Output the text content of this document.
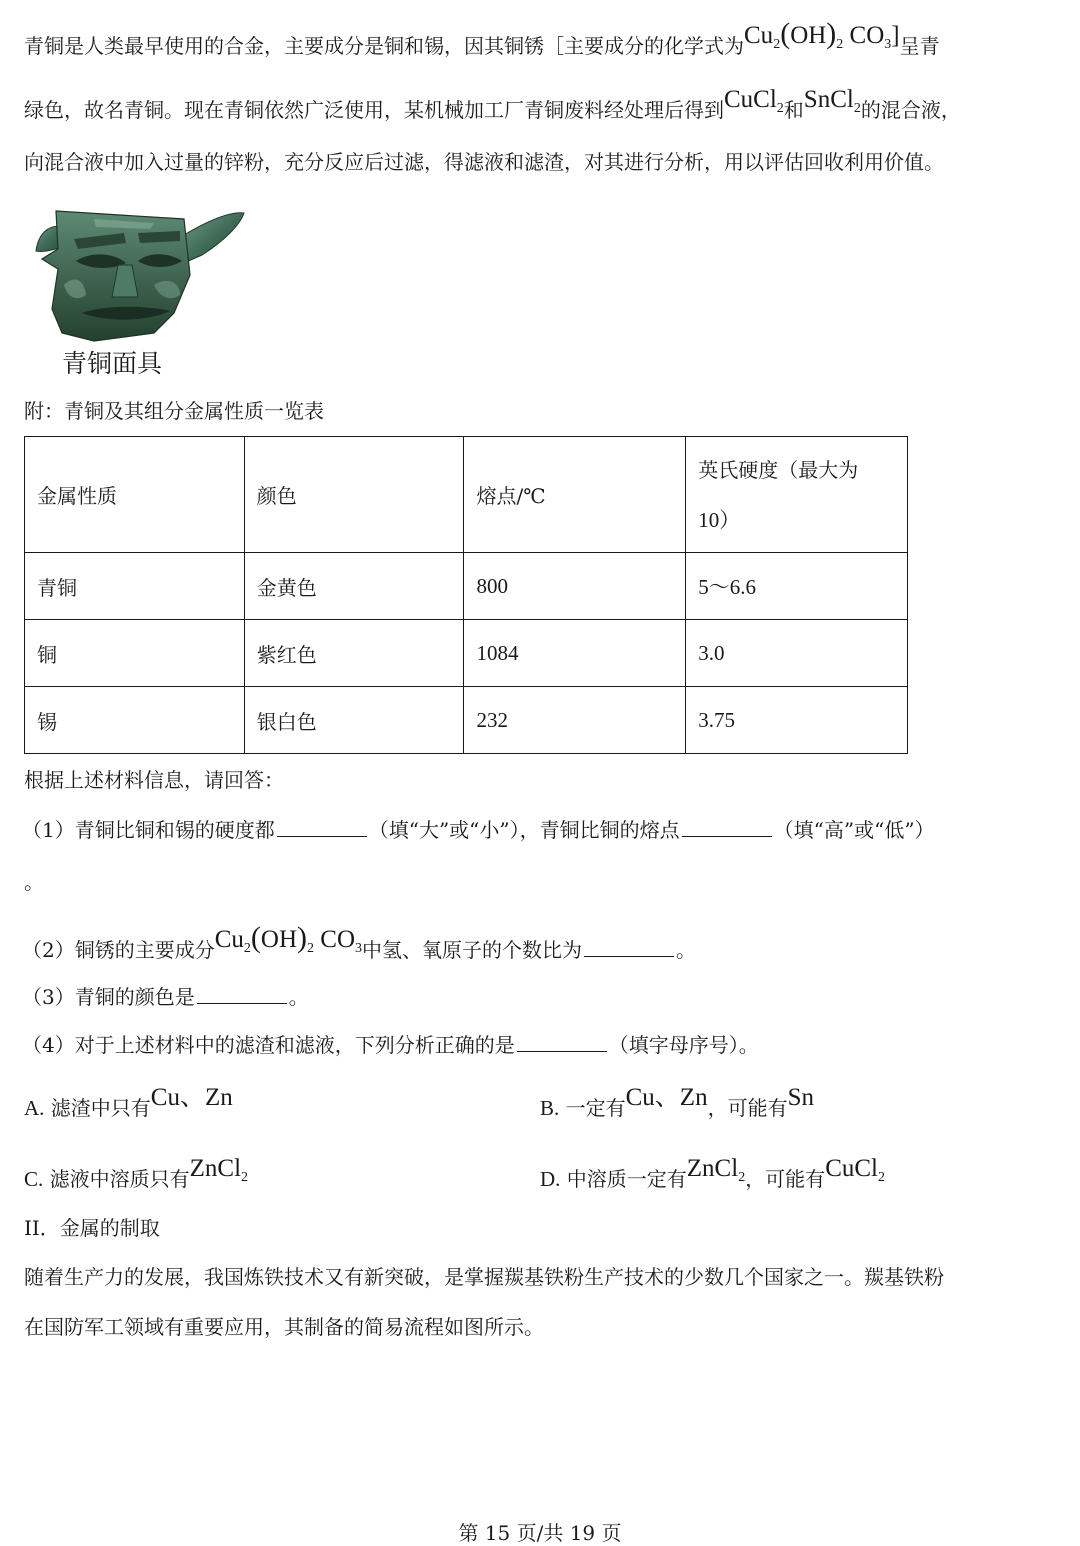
青铜是人类最早使用的合金，主要成分是铜和锡，因其铜锈［主要成分的化学式为$Cu_2(OH)_2$ $CO_3$]呈青
绿色，故名青铜。现在青铜依然广泛使用，某机械加工厂青铜废料经处理后得到CuCl$_2$和SnCl$_2$的混合液，
向混合液中加入过量的锌粉，充分反应后过滤，得滤液和滤渣，对其进行分析，用以评估回收利用价值。
青铜面具
附：青铜及其组分金属性质一览表
金属性质	颜色	熔点/℃	英氏硬度（最大为
10）

青铜	金黄色	800	5～6.6
铜	紫红色	1084	3.0
锡	银白色	232	3.75
根据上述材料信息，请回答：
（1）青铜比铜和锡的硬度都	（填“大”或“小”），青铜比铜的熔点	（填“高”或“低”）
。
（2）铜锈的主要成分$Cu_2(OH)_2$ $CO_3$中氢、氧原子的个数比为	。
（3）青铜的颜色是	。
（4）对于上述材料中的滤渣和滤液，下列分析正确的是	（填字母序号）。
A. 滤渣中只有Cu、Zn	B. 一定有Cu、Zn，可能有Sn
C. 滤液中溶质只有ZnCl$_2$	D. 中溶质一定有ZnCl$_2$，可能有CuCl$_2$
II．金属的制取
随着生产力的发展，我国炼铁技术又有新突破，是掌握羰基铁粉生产技术的少数几个国家之一。羰基铁粉
在国防军工领域有重要应用，其制备的简易流程如图所示。
第 15 页/共 19 页
